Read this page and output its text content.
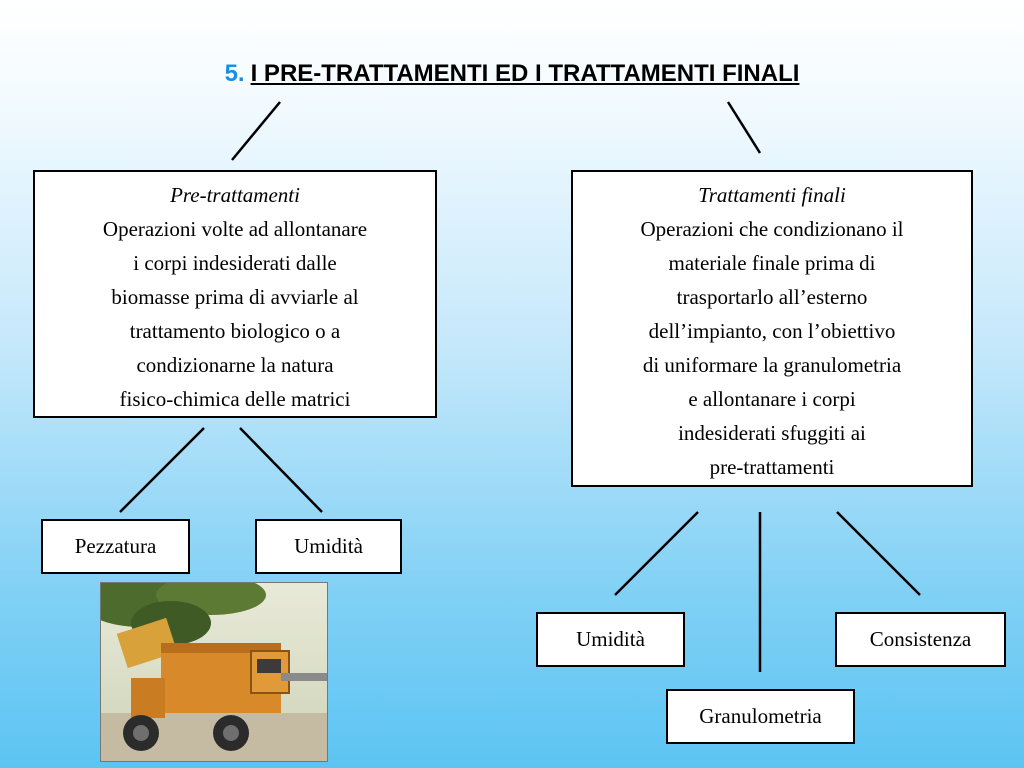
5. I PRE-TRATTAMENTI ED I TRATTAMENTI FINALI
Pre-trattamenti
Operazioni volte ad allontanare
i corpi indesiderati dalle
biomasse prima di avviarle al
trattamento biologico o a
condizionarne la natura
fisico-chimica delle matrici
Trattamenti finali
Operazioni che condizionano il
materiale finale prima di
trasportarlo all’esterno
dell’impianto, con l’obiettivo
di uniformare la granulometria
e allontanare i corpi
indesiderati sfuggiti ai
pre-trattamenti
Pezzatura	Umidità
Umidità
Granulometria
Consistenza
